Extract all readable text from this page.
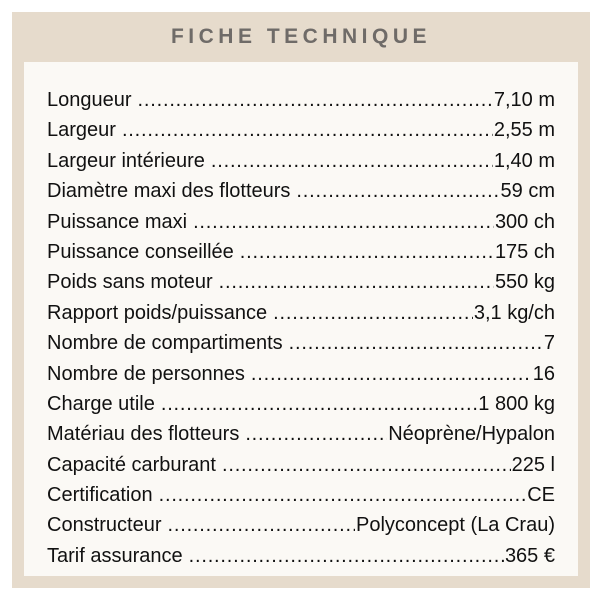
FICHE TECHNIQUE
Longueur .....	7,10 m
Largeur .....	2,55 m
Largeur intérieure .....	1,40 m
Diamètre maxi des flotteurs .....	59 cm
Puissance maxi .....	300 ch
Puissance conseillée .....	175 ch
Poids sans moteur .....	550 kg
Rapport poids/puissance .....	3,1 kg/ch
Nombre de compartiments .....	7
Nombre de personnes .....	16
Charge utile .....	1 800 kg
Matériau des flotteurs .....	Néoprène/Hypalon
Capacité carburant .....	225 l
Certification .....	CE
Constructeur .....	Polyconcept (La Crau)
Tarif assurance .....	365 €
